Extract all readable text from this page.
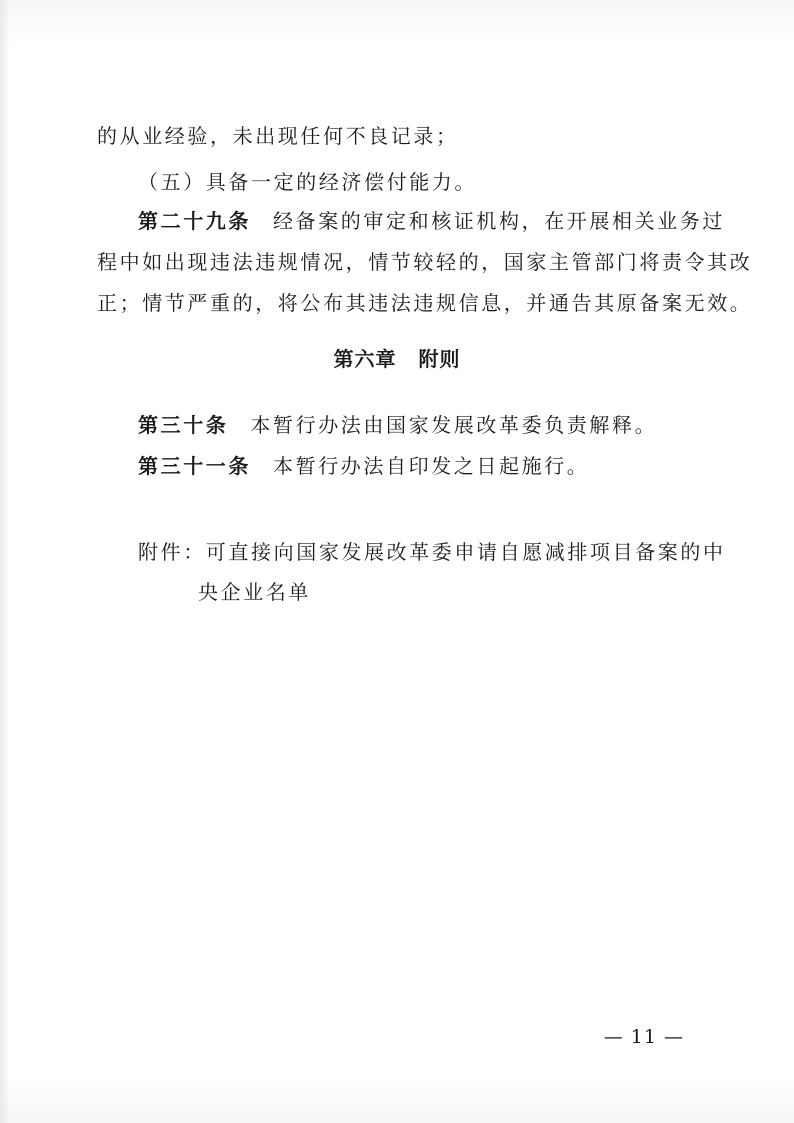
的从业经验，未出现任何不良记录；
（五）具备一定的经济偿付能力。
第二十九条 经备案的审定和核证机构，在开展相关业务过
程中如出现违法违规情况，情节较轻的，国家主管部门将责令其改
正；情节严重的，将公布其违法违规信息，并通告其原备案无效。
第六章 附则
第三十条 本暂行办法由国家发展改革委负责解释。
第三十一条 本暂行办法自印发之日起施行。
附件：可直接向国家发展改革委申请自愿减排项目备案的中
央企业名单
— 11 —
